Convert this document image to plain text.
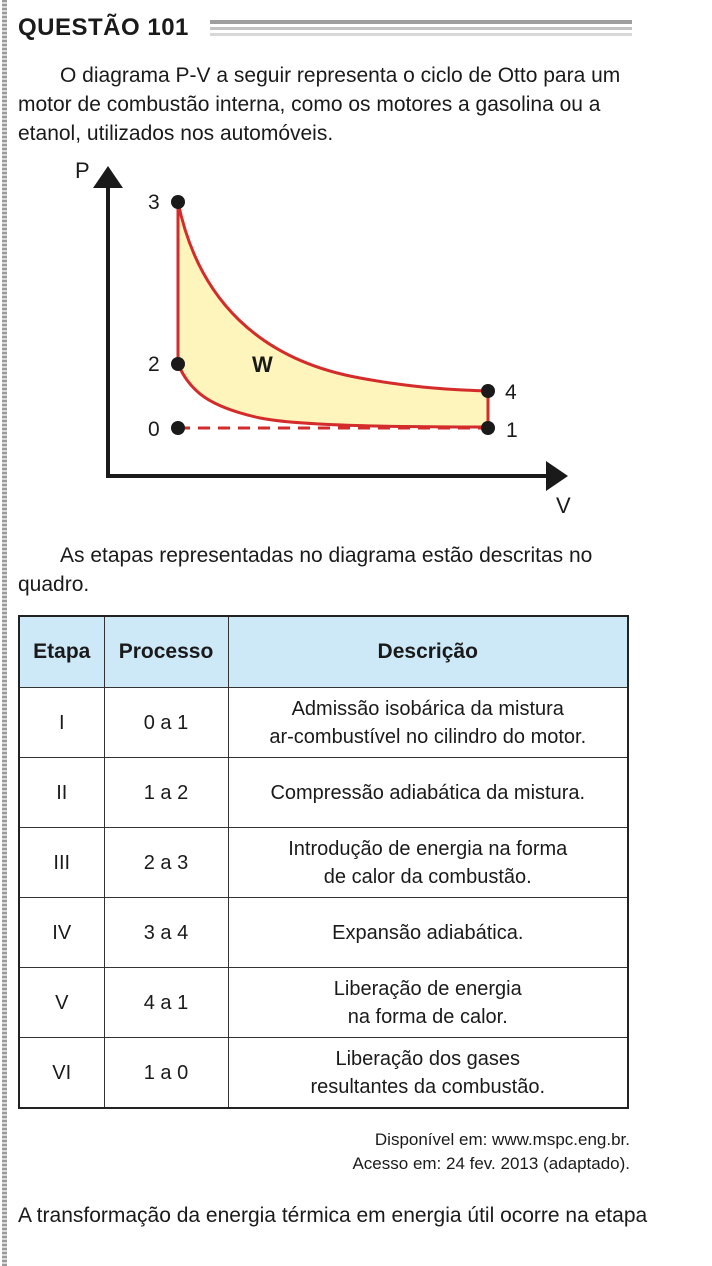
QUESTÃO 101
O diagrama P-V a seguir representa o ciclo de Otto para um motor de combustão interna, como os motores a gasolina ou a etanol, utilizados nos automóveis.
P
V
W
3
2
0
4
1
As etapas representadas no diagrama estão descritas no quadro.
Etapa	Processo	Descrição
I	0 a 1	Admissão isobárica da mistura
ar-combustível no cilindro do motor.

II	1 a 2	Compressão adiabática da mistura.

III	2 a 3	Introdução de energia na forma
de calor da combustão.

IV	3 a 4	Expansão adiabática.

V	4 a 1	Liberação de energia
na forma de calor.

VI	1 a 0	Liberação dos gases
resultantes da combustão.
Disponível em: www.mspc.eng.br.
Acesso em: 24 fev. 2013 (adaptado).
A transformação da energia térmica em energia útil ocorre na etapa
